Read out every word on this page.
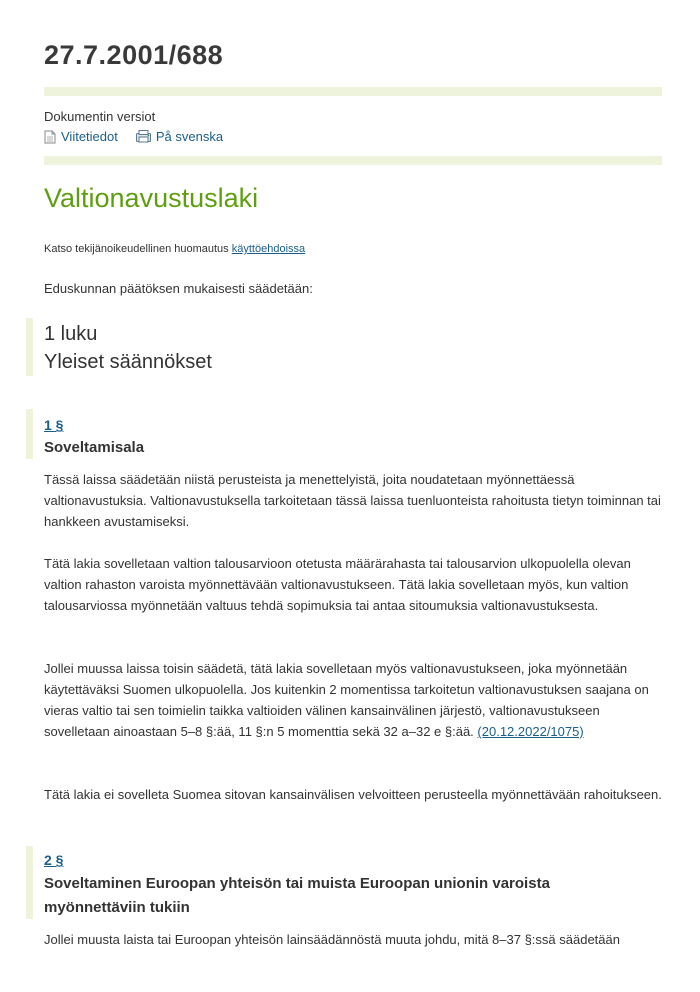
27.7.2001/688
Dokumentin versiot
Viitetiedot	På svenska
Valtionavustuslaki
Katso tekijänoikeudellinen huomautus käyttöehdoissa
Eduskunnan päätöksen mukaisesti säädetään:
1 luku
Yleiset säännökset
1 §
Soveltamisala

Tässä laissa säädetään niistä perusteista ja menettelyistä, joita noudatetaan myönnettäessä valtionavustuksia. Valtionavustuksella tarkoitetaan tässä laissa tuenluonteista rahoitusta tietyn toiminnan tai hankkeen avustamiseksi.

Tätä lakia sovelletaan valtion talousarvioon otetusta määrärahasta tai talousarvion ulkopuolella olevan valtion rahaston varoista myönnettävään valtionavustukseen. Tätä lakia sovelletaan myös, kun valtion talousarviossa myönnetään valtuus tehdä sopimuksia tai antaa sitoumuksia valtionavustuksesta.

Jollei muussa laissa toisin säädetä, tätä lakia sovelletaan myös valtionavustukseen, joka myönnetään käytettäväksi Suomen ulkopuolella. Jos kuitenkin 2 momentissa tarkoitetun valtionavustuksen saajana on vieras valtio tai sen toimielin taikka valtioiden välinen kansainvälinen järjestö, valtionavustukseen sovelletaan ainoastaan 5–8 §:ää, 11 §:n 5 momenttia sekä 32 a–32 e §:ää. (20.12.2022/1075)

Tätä lakia ei sovelleta Suomea sitovan kansainvälisen velvoitteen perusteella myönnettävään rahoitukseen.

2 §
Soveltaminen Euroopan yhteisön tai muista Euroopan unionin varoista myönnettäviin tukiin

Jollei muusta laista tai Euroopan yhteisön lainsäädännöstä muuta johdu, mitä 8–37 §:ssä säädetään
